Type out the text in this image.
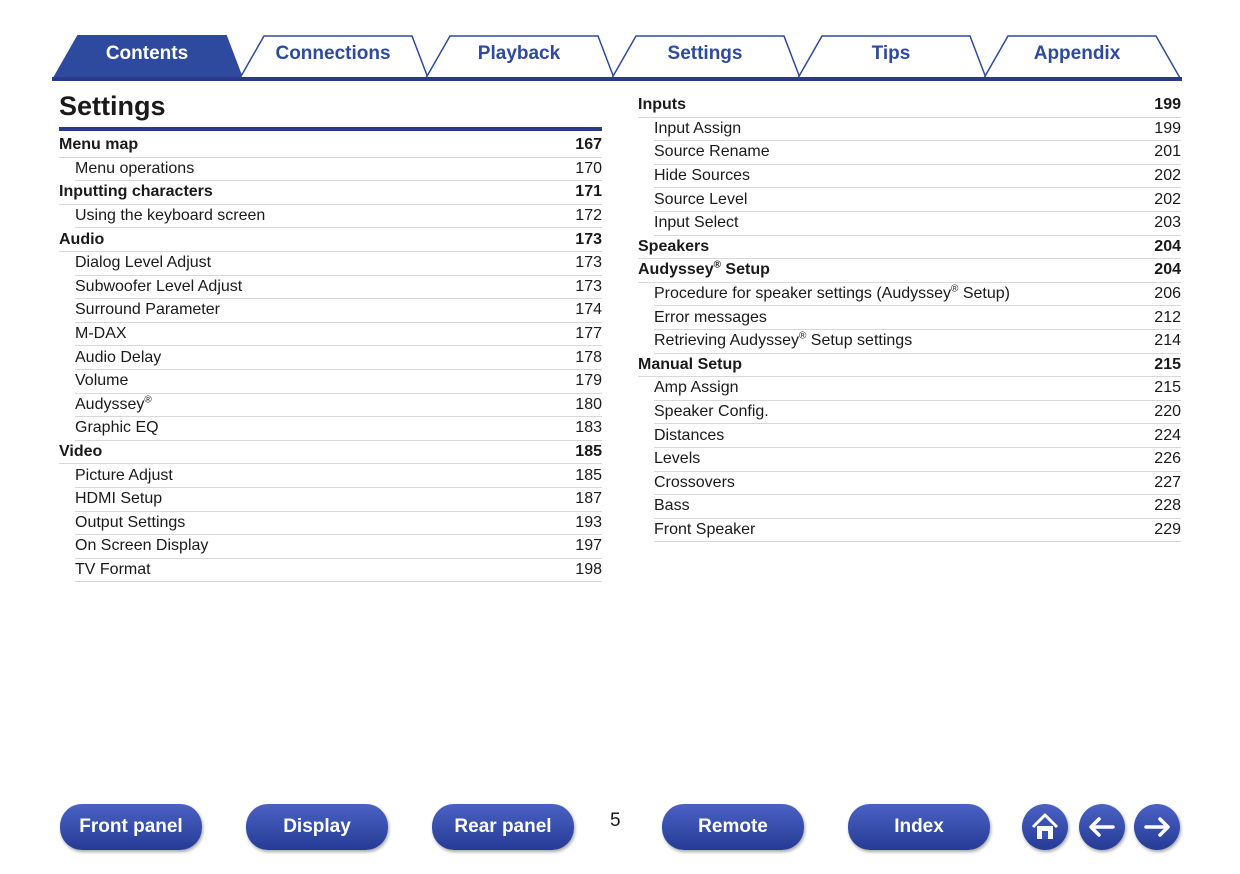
Contents	Connections	Playback	Settings	Tips	Appendix
Settings
Menu map	167
Menu operations	170
Inputting characters	171
Using the keyboard screen	172
Audio	173
Dialog Level Adjust	173
Subwoofer Level Adjust	173
Surround Parameter	174
M-DAX	177
Audio Delay	178
Volume	179
Audyssey®	180
Graphic EQ	183
Video	185
Picture Adjust	185
HDMI Setup	187
Output Settings	193
On Screen Display	197
TV Format	198
Inputs	199
Input Assign	199
Source Rename	201
Hide Sources	202
Source Level	202
Input Select	203
Speakers	204
Audyssey® Setup	204
Procedure for speaker settings (Audyssey® Setup)	206
Error messages	212
Retrieving Audyssey® Setup settings	214
Manual Setup	215
Amp Assign	215
Speaker Config.	220
Distances	224
Levels	226
Crossovers	227
Bass	228
Front Speaker	229
Front panel	Display	Rear panel	5	Remote	Index
